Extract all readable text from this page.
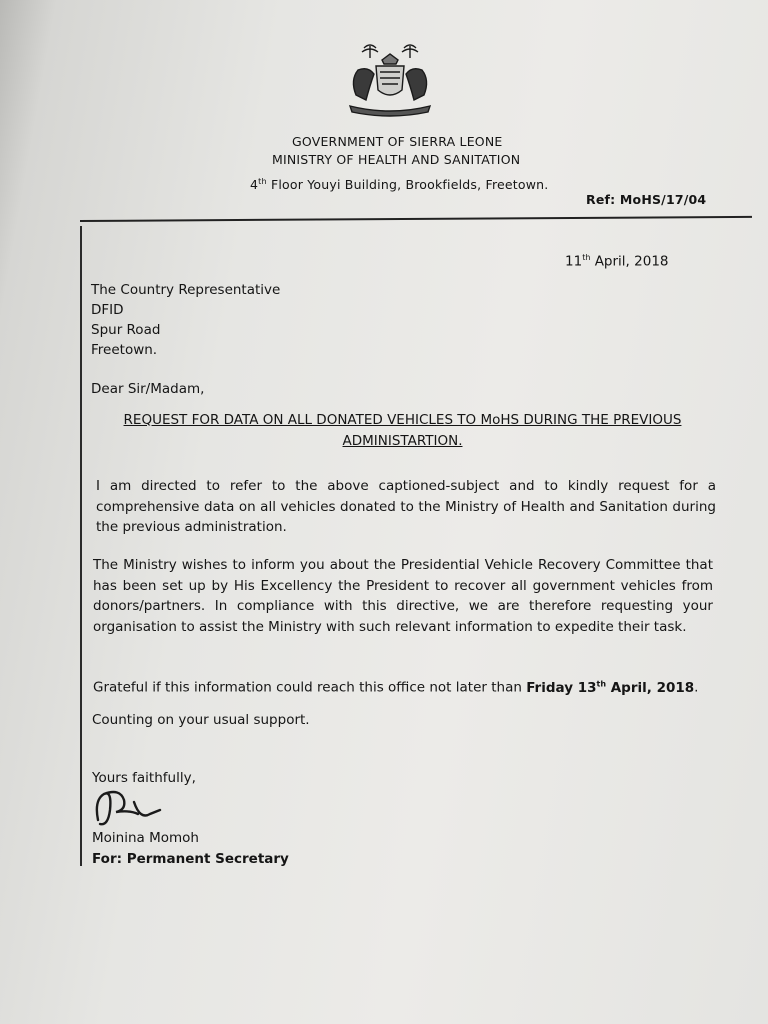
GOVERNMENT OF SIERRA LEONE
MINISTRY OF HEALTH AND SANITATION
4th Floor Youyi Building, Brookfields, Freetown.
Ref: MoHS/17/04
11th April, 2018
The Country Representative
DFID
Spur Road
Freetown.
Dear Sir/Madam,
REQUEST FOR DATA ON ALL DONATED VEHICLES TO MoHS DURING THE PREVIOUS
ADMINISTARTION.
I am directed to refer to the above captioned-subject and to kindly request for a comprehensive data on all vehicles donated to the Ministry of Health and Sanitation during the previous administration.
The Ministry wishes to inform you about the Presidential Vehicle Recovery Committee that has been set up by His Excellency the President to recover all government vehicles from donors/partners. In compliance with this directive, we are therefore requesting your organisation to assist the Ministry with such relevant information to expedite their task.
Grateful if this information could reach this office not later than Friday 13th April, 2018.
Counting on your usual support.
Yours faithfully,
Moinina Momoh
For: Permanent Secretary
